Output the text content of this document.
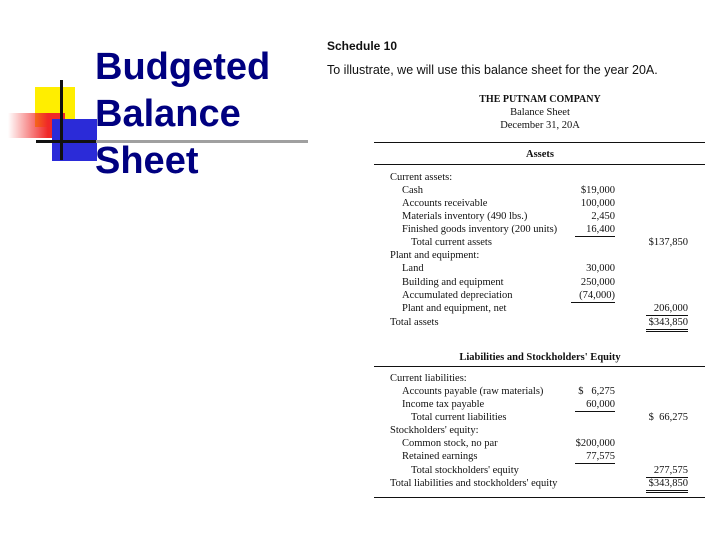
Budgeted
Balance
Sheet
Schedule 10
To illustrate, we will use this balance sheet for the year 20A.
THE PUTNAM COMPANY
Balance Sheet
December 31, 20A
Assets
Current assets:
Cash	$19,000
Accounts receivable	100,000
Materials inventory (490 lbs.)	2,450
Finished goods inventory (200 units)	16,400
Total current assets	$137,850
Plant and equipment:
Land	30,000
Building and equipment	250,000
Accumulated depreciation	(74,000)
Plant and equipment, net	206,000
Total assets	$343,850
Liabilities and Stockholders' Equity
Current liabilities:
Accounts payable (raw materials)	$   6,275
Income tax payable	60,000
Total current liabilities	$  66,275
Stockholders' equity:
Common stock, no par	$200,000
Retained earnings	77,575
Total stockholders' equity	277,575
Total liabilities and stockholders' equity	$343,850
